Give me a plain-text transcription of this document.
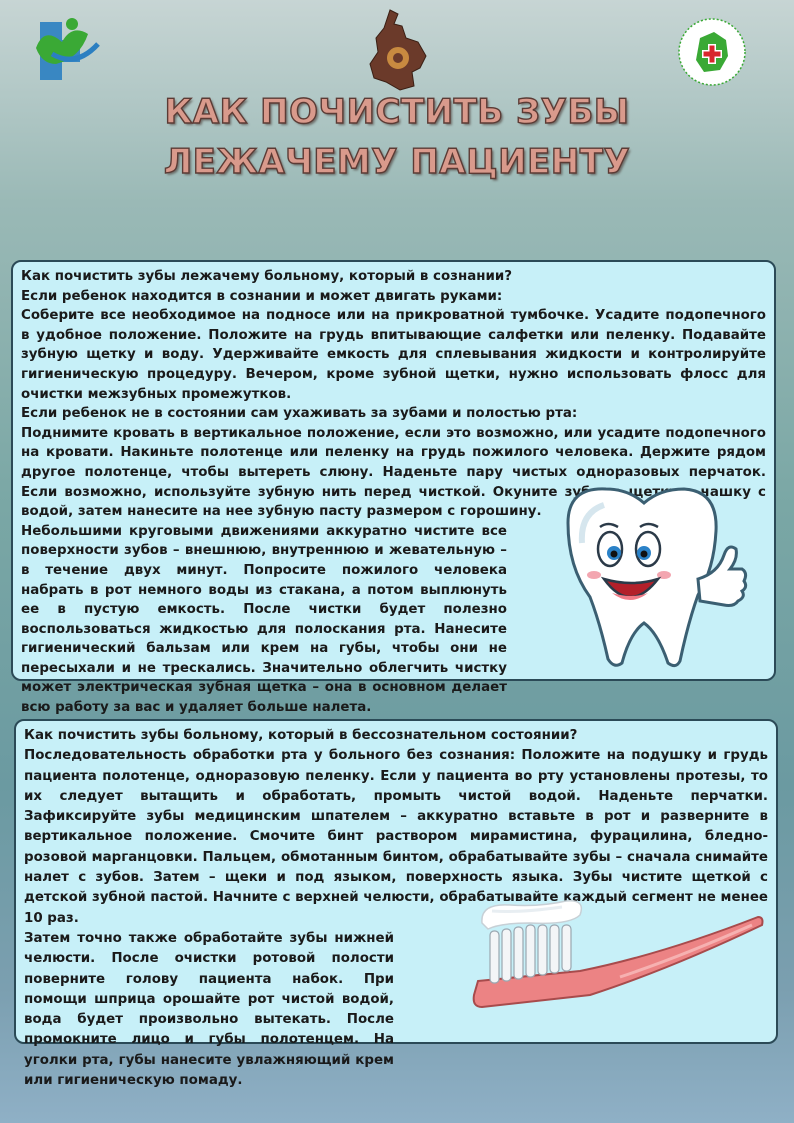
КАК ПОЧИСТИТЬ ЗУБЫ
ЛЕЖАЧЕМУ ПАЦИЕНТУ

Как почистить зубы лежачему больному, который в сознании?

Если ребенок находится в сознании и может двигать руками:

Соберите все необходимое на подносе или на прикроватной тумбочке. Усадите подопечного в удобное положение. Положите на грудь впитывающие салфетки или пеленку. Подавайте зубную щетку и воду. Удерживайте емкость для сплевывания жидкости и контролируйте гигиеническую процедуру. Вечером, кроме зубной щетки, нужно использовать флосс для очистки межзубных промежутков.

Если ребенок не в состоянии сам ухаживать за зубами и полостью рта:

Поднимите кровать в вертикальное положение, если это возможно, или усадите подопечного на кровати. Накиньте полотенце или пеленку на грудь пожилого человека. Держите рядом другое полотенце, чтобы вытереть слюну. Наденьте пару чистых одноразовых перчаток. Если возможно, используйте зубную нить перед чисткой. Окуните зубную щетку в чашку с водой, затем нанесите на нее зубную пасту размером с горошину.

Небольшими круговыми движениями аккуратно чистите все поверхности зубов – внешнюю, внутреннюю и жевательную – в течение двух минут. Попросите пожилого человека набрать в рот немного воды из стакана, а потом выплюнуть ее в пустую емкость. После чистки будет полезно воспользоваться жидкостью для полоскания рта. Нанесите гигиенический бальзам или крем на губы, чтобы они не пересыхали и не трескались. Значительно облегчить чистку может электрическая зубная щетка – она в основном делает всю работу за вас и удаляет больше налета.

Как почистить зубы больному, который в бессознательном состоянии?

Последовательность обработки рта у больного без сознания: Положите на подушку и грудь пациента полотенце, одноразовую пеленку. Если у пациента во рту установлены протезы, то их следует вытащить и обработать, промыть чистой водой. Наденьте перчатки. Зафиксируйте зубы медицинским шпателем – аккуратно вставьте в рот и разверните в вертикальное положение. Смочите бинт раствором мирамистина, фурацилина, бледно-розовой марганцовки. Пальцем, обмотанным бинтом, обрабатывайте зубы – сначала снимайте налет с зубов. Затем – щеки и под языком, поверхность языка. Зубы чистите щеткой с детской зубной пастой. Начните с верхней челюсти, обрабатывайте каждый сегмент не менее 10 раз.

Затем точно также обработайте зубы нижней челюсти. После очистки ротовой полости поверните голову пациента набок. При помощи шприца орошайте рот чистой водой, вода будет произвольно вытекать. После промокните лицо и губы полотенцем. На уголки рта, губы нанесите увлажняющий крем или гигиеническую помаду.
